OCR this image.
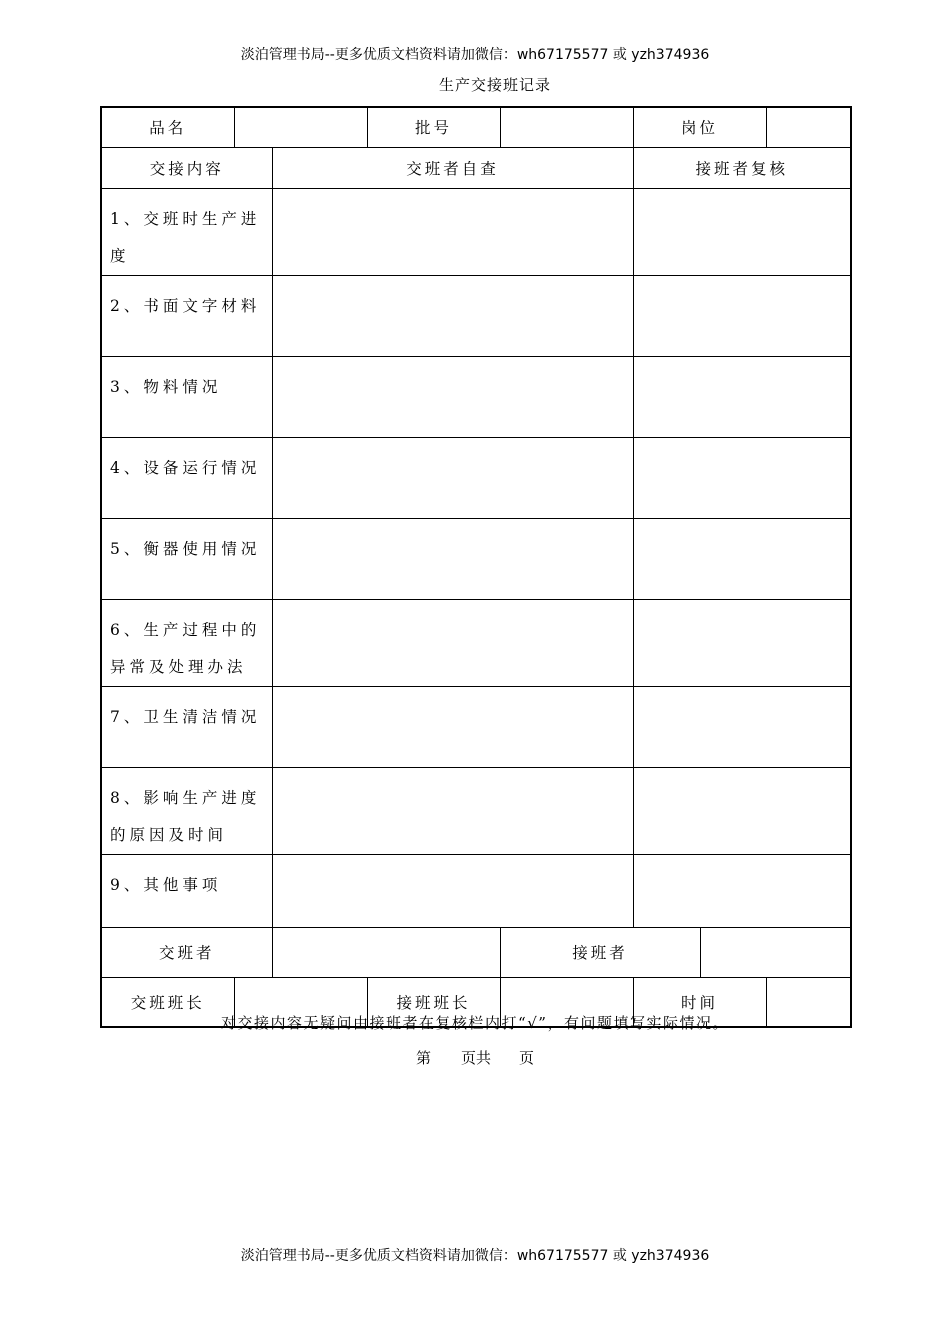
淡泊管理书局--更多优质文档资料请加微信：wh67175577 或 yzh374936
生产交接班记录
品名			批号		岗位		
交接内容		交班者自查			接班者复核		
1、交班时生产进度							
2、书面文字材料							
3、物料情况							
4、设备运行情况							
5、衡器使用情况							
6、生产过程中的异常及处理办法							
7、卫生清洁情况							
8、影响生产进度的原因及时间							
9、其他事项							
交班者				接班者			
交班班长			接班班长		时间		
对交接内容无疑问由接班者在复核栏内打“√”，有问题填写实际情况。
第 页共 页
淡泊管理书局--更多优质文档资料请加微信：wh67175577 或 yzh374936
